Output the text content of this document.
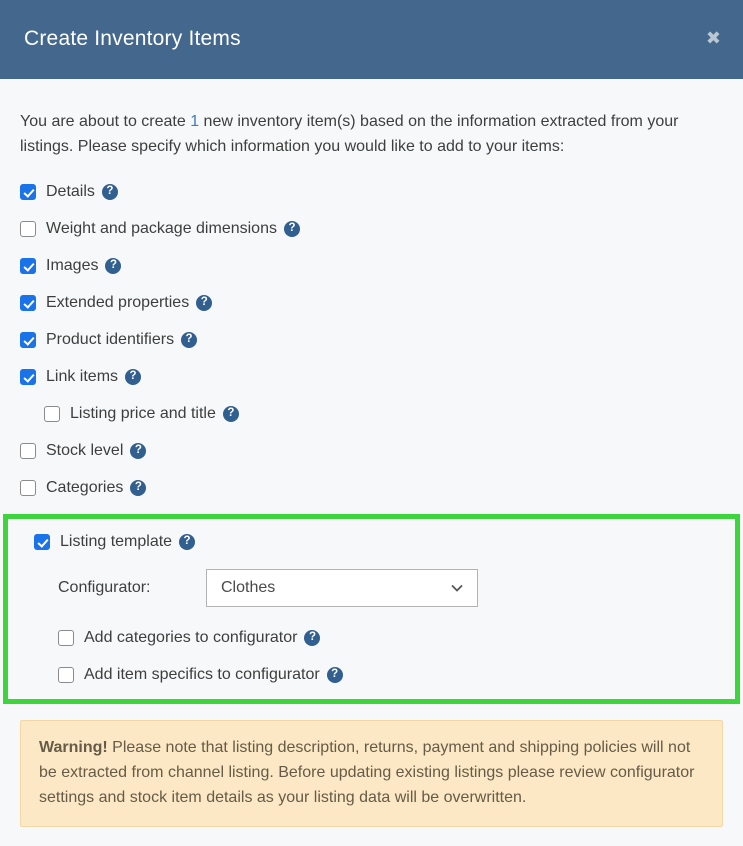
Create Inventory Items	✖

You are about to create 1 new inventory item(s) based on the information extracted from your listings. Please specify which information you would like to add to your items:

Details ?
Weight and package dimensions ?
Images ?
Extended properties ?
Product identifiers ?
Link items ?
Listing price and title ?
Stock level ?
Categories ?
Listing template ?
Configurator:	Clothes
Add categories to configurator ?
Add item specifics to configurator ?
Warning! Please note that listing description, returns, payment and shipping policies will not be extracted from channel listing. Before updating existing listings please review configurator settings and stock item details as your listing data will be overwritten.
